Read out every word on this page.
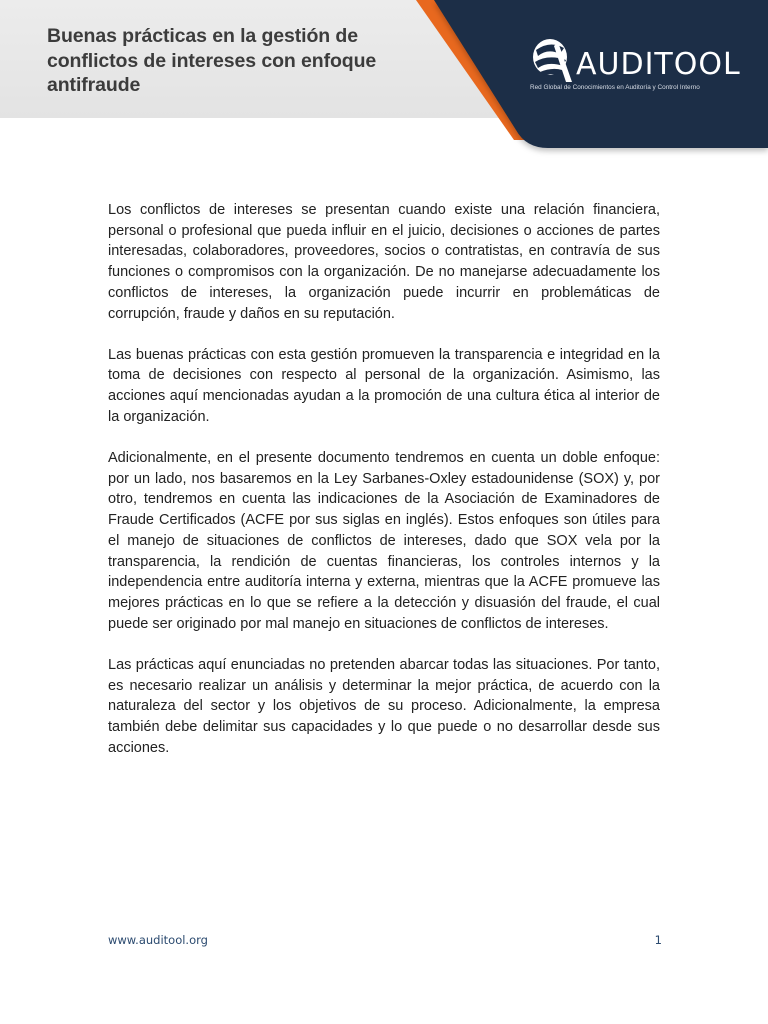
Buenas prácticas en la gestión de conflictos de intereses con enfoque antifraude
AUDITOOL
Red Global de Conocimientos en Auditoría y Control Interno

Los conflictos de intereses se presentan cuando existe una relación financiera, personal o profesional que pueda influir en el juicio, decisiones o acciones de partes interesadas, colaboradores, proveedores, socios o contratistas, en contravía de sus funciones o compromisos con la organización. De no manejarse adecuadamente los conflictos de intereses, la organización puede incurrir en problemáticas de corrupción, fraude y daños en su reputación.

Las buenas prácticas con esta gestión promueven la transparencia e integridad en la toma de decisiones con respecto al personal de la organización. Asimismo, las acciones aquí mencionadas ayudan a la promoción de una cultura ética al interior de la organización.

Adicionalmente, en el presente documento tendremos en cuenta un doble enfoque: por un lado, nos basaremos en la Ley Sarbanes-Oxley estadounidense (SOX) y, por otro, tendremos en cuenta las indicaciones de la Asociación de Examinadores de Fraude Certificados (ACFE por sus siglas en inglés). Estos enfoques son útiles para el manejo de situaciones de conflictos de intereses, dado que SOX vela por la transparencia, la rendición de cuentas financieras, los controles internos y la independencia entre auditoría interna y externa, mientras que la ACFE promueve las mejores prácticas en lo que se refiere a la detección y disuasión del fraude, el cual puede ser originado por mal manejo en situaciones de conflictos de intereses.

Las prácticas aquí enunciadas no pretenden abarcar todas las situaciones. Por tanto, es necesario realizar un análisis y determinar la mejor práctica, de acuerdo con la naturaleza del sector y los objetivos de su proceso. Adicionalmente, la empresa también debe delimitar sus capacidades y lo que puede o no desarrollar desde sus acciones.

www.auditool.org	1
